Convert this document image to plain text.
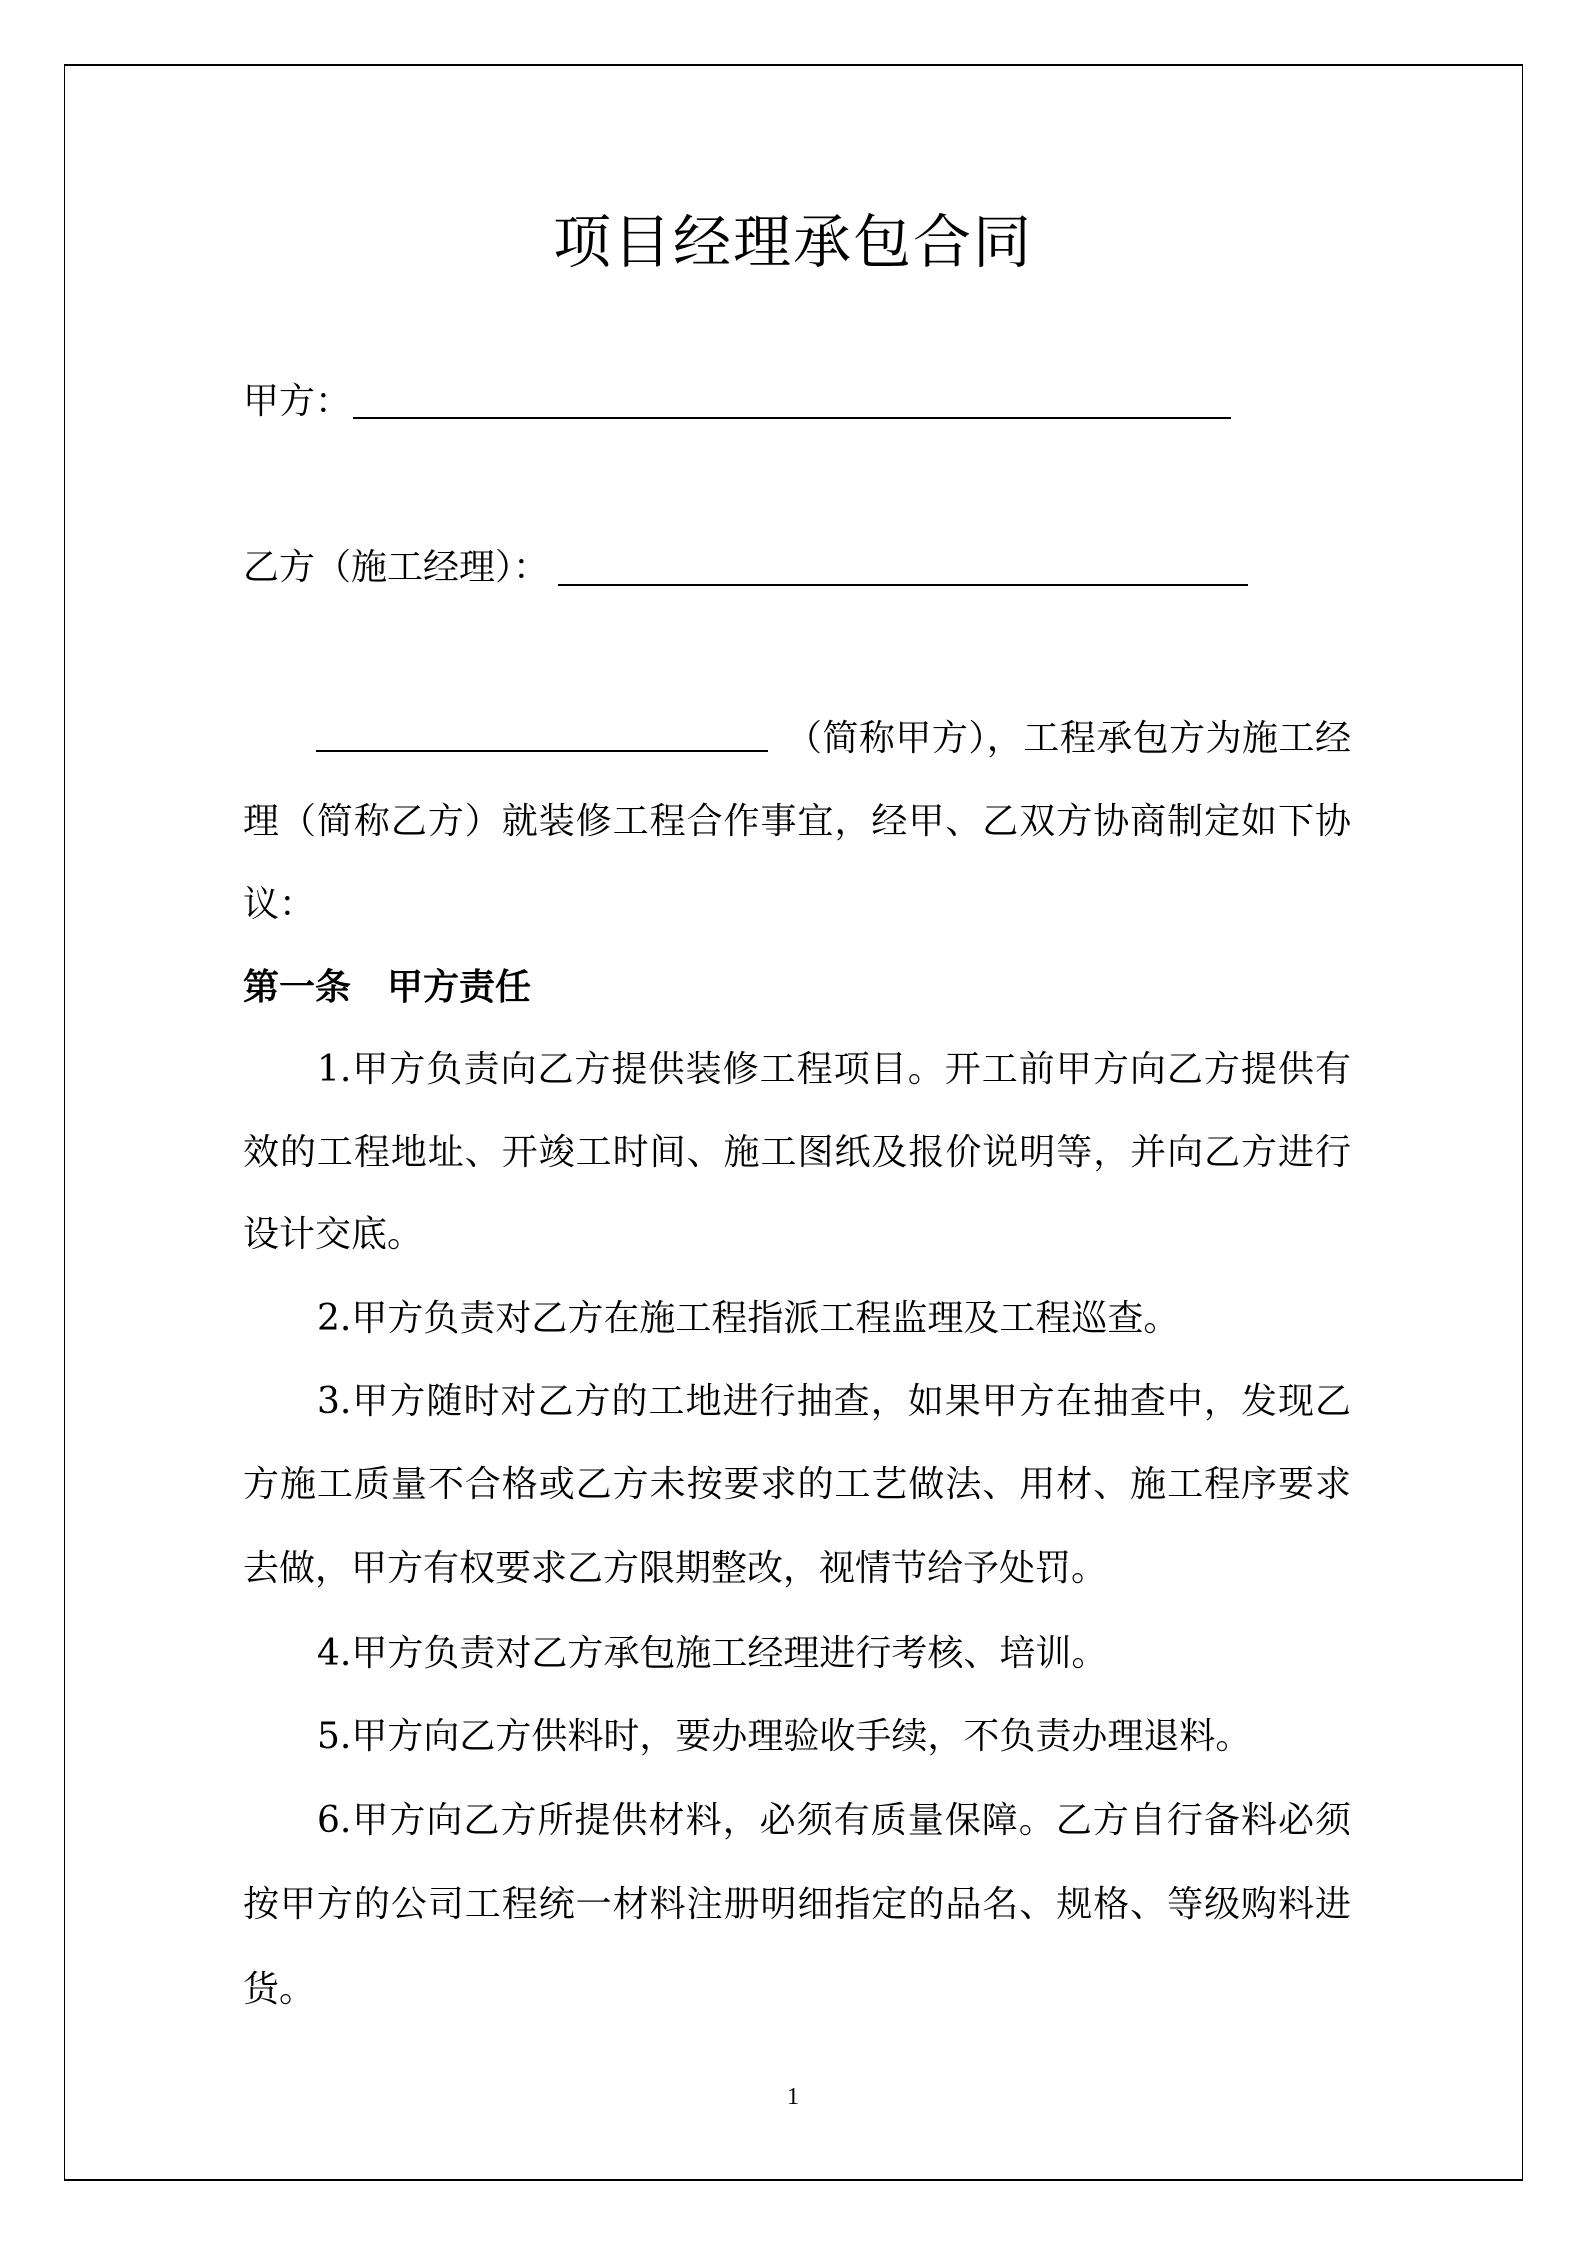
项目经理承包合同
甲方：
乙方（施工经理）：
（简称甲方），工程承包方为施工经
理（简称乙方）就装修工程合作事宜，经甲、乙双方协商制定如下协
议：
第一条 甲方责任
1.甲方负责向乙方提供装修工程项目。开工前甲方向乙方提供有
效的工程地址、开竣工时间、施工图纸及报价说明等，并向乙方进行
设计交底。
2.甲方负责对乙方在施工程指派工程监理及工程巡查。
3.甲方随时对乙方的工地进行抽查，如果甲方在抽查中，发现乙
方施工质量不合格或乙方未按要求的工艺做法、用材、施工程序要求
去做，甲方有权要求乙方限期整改，视情节给予处罚。
4.甲方负责对乙方承包施工经理进行考核、培训。
5.甲方向乙方供料时，要办理验收手续，不负责办理退料。
6.甲方向乙方所提供材料，必须有质量保障。乙方自行备料必须
按甲方的公司工程统一材料注册明细指定的品名、规格、等级购料进
货。
1
